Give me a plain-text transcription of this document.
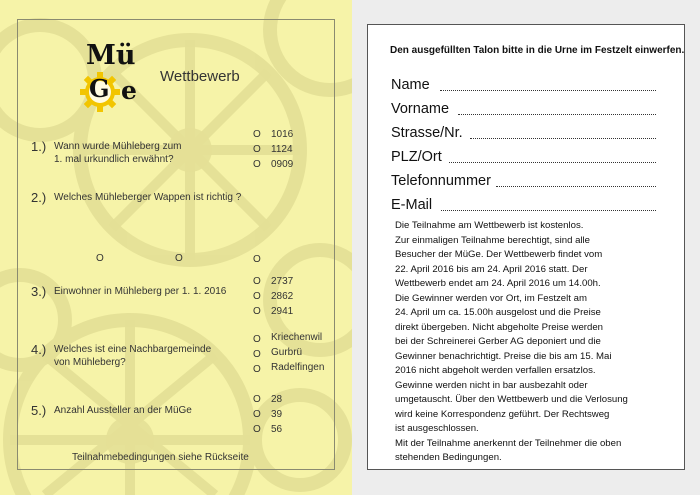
Mü
G e Wettbewerb
1.) Wann wurde Mühleberg zum
1. mal urkundlich erwähnt?
O 1016
O 1124
O 0909
2.) Welches Mühleberger Wappen ist richtig ?
O	O	O
3.) Einwohner in Mühleberg per 1. 1. 2016
O 2737
O 2862
O 2941
4.) Welches ist eine Nachbargemeinde
von Mühleberg?
O Kriechenwil
O Gurbrü
O Radelfingen
5.) Anzahl Aussteller an der MüGe
O 28
O 39
O 56
Teilnahmebedingungen siehe Rückseite
Den ausgefüllten Talon bitte in die Urne im Festzelt einwerfen.
Name
Vorname
Strasse/Nr.
PLZ/Ort
Telefonnummer
E-Mail
Die Teilnahme am Wettbewerb ist kostenlos.
Zur einmaligen Teilnahme berechtigt, sind alle
Besucher der MüGe. Der Wettbewerb findet vom
22. April 2016 bis am 24. April 2016 statt. Der
Wettbewerb endet am 24. April 2016 um 14.00h.
Die Gewinner werden vor Ort, im Festzelt am
24. April um ca. 15.00h ausgelost und die Preise
direkt übergeben. Nicht abgeholte Preise werden
bei der Schreinerei Gerber AG deponiert und die
Gewinner benachrichtigt. Preise die bis am 15. Mai
2016 nicht abgeholt werden verfallen ersatzlos.
Gewinne werden nicht in bar ausbezahlt oder
umgetauscht. Über den Wettbewerb und die Verlosung
wird keine Korrespondenz geführt. Der Rechtsweg
ist ausgeschlossen.
Mit der Teilnahme anerkennt der Teilnehmer die oben
stehenden Bedingungen.
